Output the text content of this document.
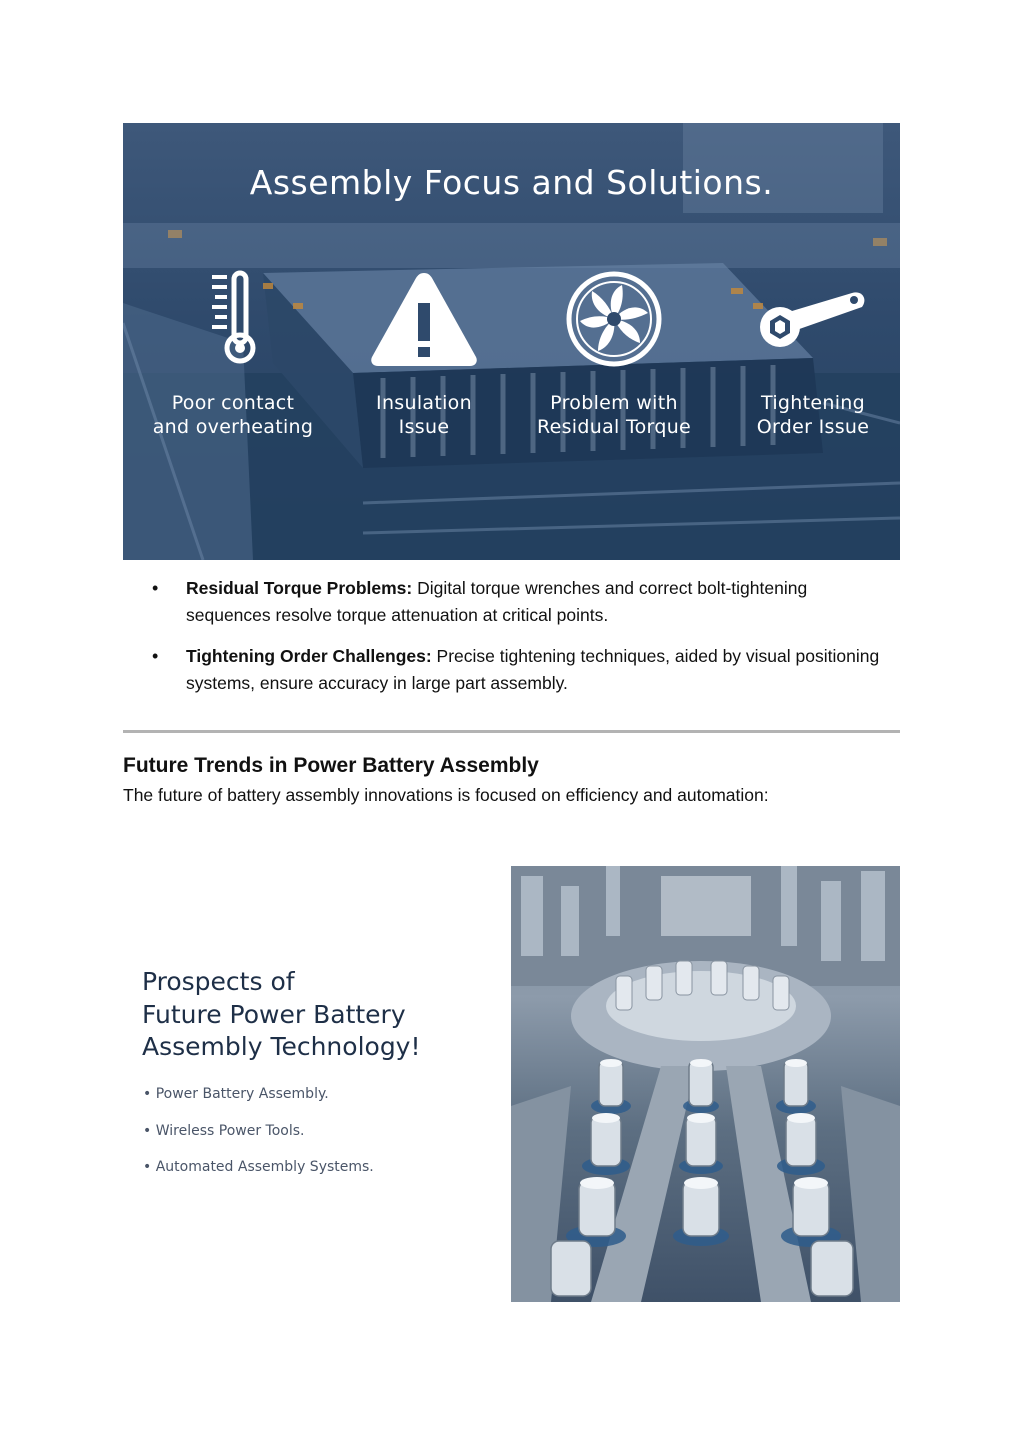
Assembly Focus and Solutions.
Poor contact
and overheating
Insulation
Issue
Problem with
Residual Torque
Tightening
Order Issue
• Residual Torque Problems: Digital torque wrenches and correct bolt-tightening sequences resolve torque attenuation at critical points.
• Tightening Order Challenges: Precise tightening techniques, aided by visual positioning systems, ensure accuracy in large part assembly.
Future Trends in Power Battery Assembly

The future of battery assembly innovations is focused on efficiency and automation:

Prospects of
Future Power Battery
Assembly Technology!
• Power Battery Assembly.
• Wireless Power Tools.
• Automated Assembly Systems.
